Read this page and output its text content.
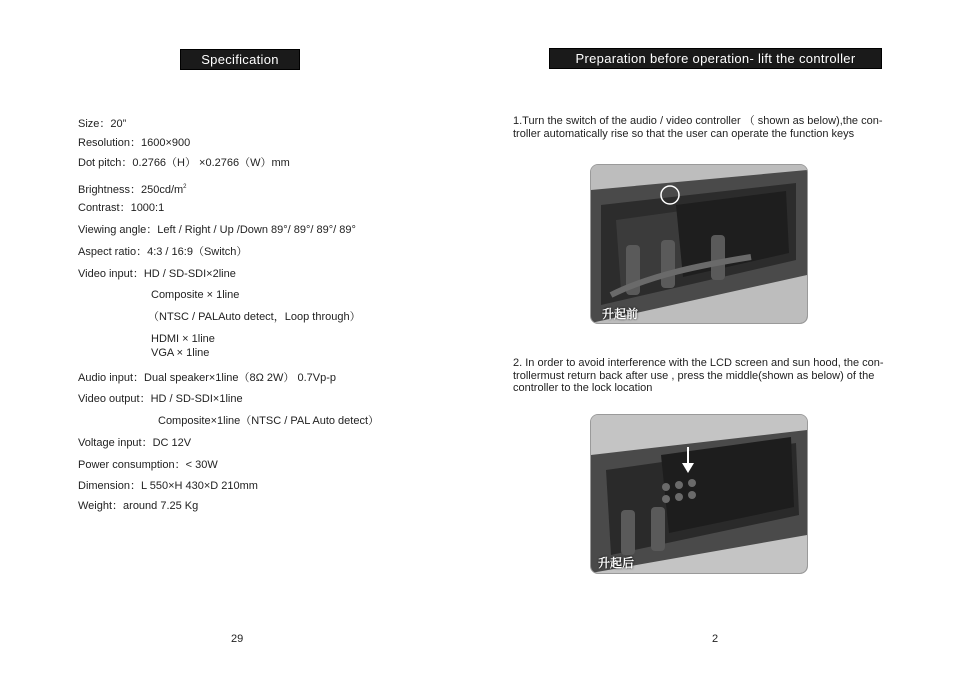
Specification
Size：20”
Resolution：1600×900
Dot pitch：0.2766（H） ×0.2766（W）mm
Brightness：$250cd/m^2$
Contrast：1000:1
Viewing angle：Left / Right / Up /Down 89°/ 89°/ 89°/ 89°
Aspect ratio：4:3 / 16:9（Switch）
Video input：HD / SD-SDI×2line
Composite × 1line
（NTSC / PALAuto detect，Loop through）
HDMI × 1line
VGA × 1line
Audio input：Dual speaker×1line（8Ω 2W） 0.7Vp-p
Video output：HD / SD-SDI×1line
Composite×1line（NTSC / PAL Auto detect）
Voltage input：DC 12V
Power consumption：< 30W
Dimension：L 550×H 430×D 210mm
Weight：around 7.25 Kg
29
Preparation before operation- lift the controller
1.Turn the switch of the audio / video controller （ shown as below),the con-
troller automatically rise so that the user can operate the function keys
升起前
2. In order to avoid interference with the LCD screen and sun hood, the con-
trollermust return back after use , press the middle(shown as below) of the
controller to the lock location
升起后
2
